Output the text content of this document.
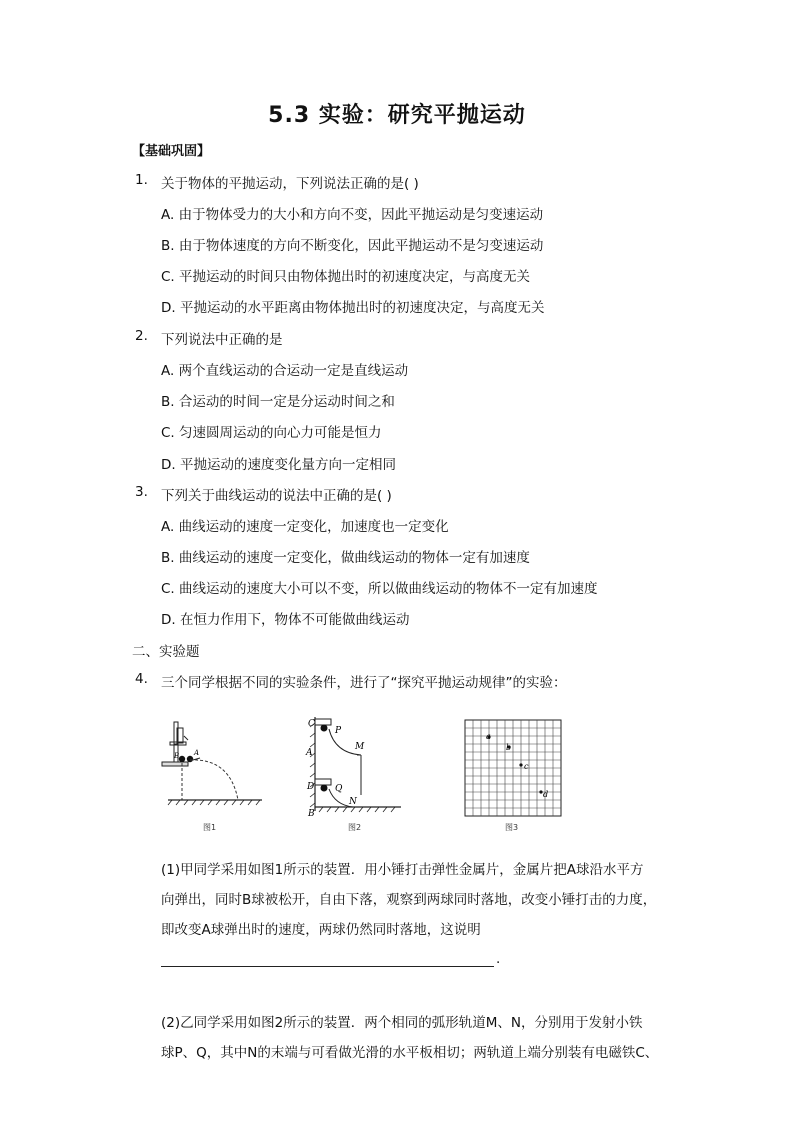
5.3 实验：研究平抛运动
【基础巩固】
1. 关于物体的平抛运动，下列说法正确的是( )
A. 由于物体受力的大小和方向不变，因此平抛运动是匀变速运动
B. 由于物体速度的方向不断变化，因此平抛运动不是匀变速运动
C. 平抛运动的时间只由物体抛出时的初速度决定，与高度无关
D. 平抛运动的水平距离由物体抛出时的初速度决定，与高度无关
2. 下列说法中正确的是
A. 两个直线运动的合运动一定是直线运动
B. 合运动的时间一定是分运动时间之和
C. 匀速圆周运动的向心力可能是恒力
D. 平抛运动的速度变化量方向一定相同
3. 下列关于曲线运动的说法中正确的是( )
A. 曲线运动的速度一定变化，加速度也一定变化
B. 曲线运动的速度一定变化，做曲线运动的物体一定有加速度
C. 曲线运动的速度大小可以不变，所以做曲线运动的物体不一定有加速度
D. 在恒力作用下，物体不可能做曲线运动
二、实验题
4. 三个同学根据不同的实验条件，进行了“探究平抛运动规律”的实验：
A
B
图1
C
P
M
A
D Q
N
B
图2
a
b
c
d
图3
(1)甲同学采用如图1所示的装置．用小锤打击弹性金属片，金属片把A球沿水平方
向弹出，同时B球被松开，自由下落，观察到两球同时落地，改变小锤打击的力度，
即改变A球弹出时的速度，两球仍然同时落地，这说明
.
(2)乙同学采用如图2所示的装置．两个相同的弧形轨道M、N，分别用于发射小铁
球P、Q，其中N的末端与可看做光滑的水平板相切；两轨道上端分别装有电磁铁C、
